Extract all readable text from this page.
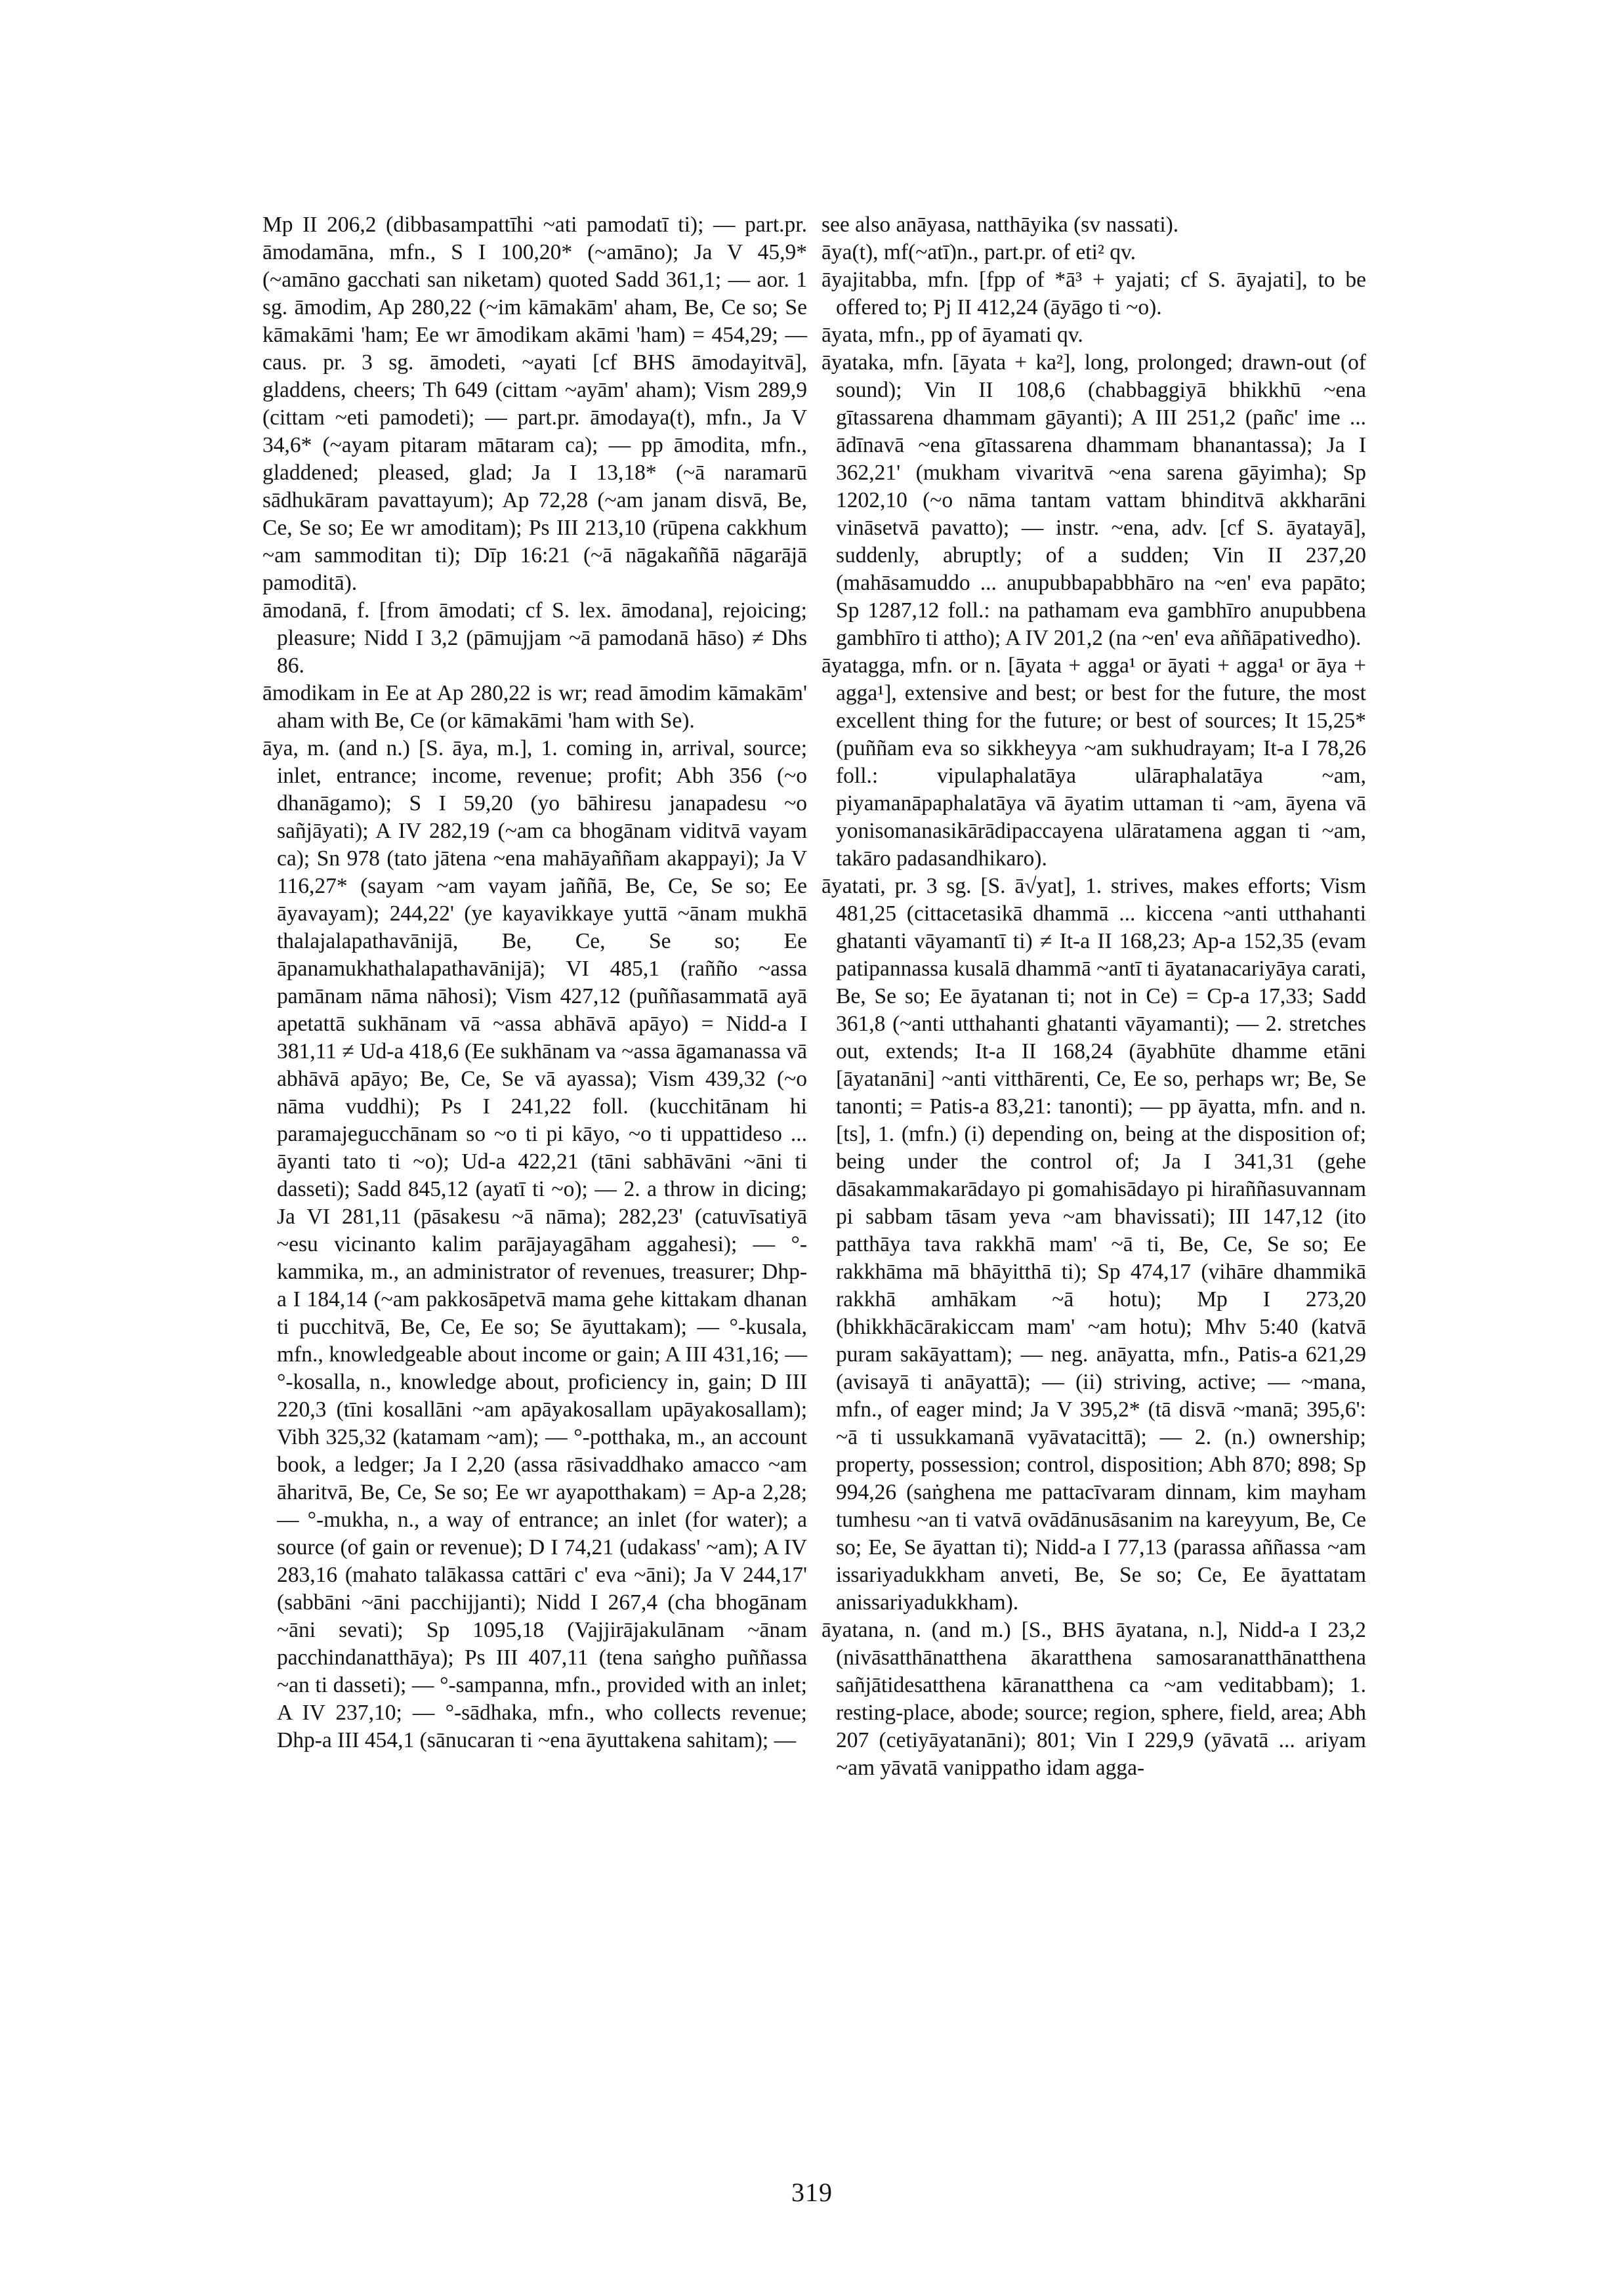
Mp II 206,2 (dibbasampattīhi ~ati pamodatī ti); — part.pr. āmodamāna, mfn., S I 100,20* (~amāno); Ja V 45,9* (~amāno gacchati san niketam) quoted Sadd 361,1; — aor. 1 sg. āmodim, Ap 280,22 (~im kāmakām' aham, Be, Ce so; Se kāmakāmi 'ham; Ee wr āmodikam akāmi 'ham) = 454,29; — caus. pr. 3 sg. āmodeti, ~ayati [cf BHS āmodayitvā], gladdens, cheers; Th 649 (cittam ~ayām' aham); Vism 289,9 (cittam ~eti pamodeti); — part.pr. āmodaya(t), mfn., Ja V 34,6* (~ayam pitaram mātaram ca); — pp āmodita, mfn., gladdened; pleased, glad; Ja I 13,18* (~ā naramarū sādhukāram pavattayum); Ap 72,28 (~am janam disvā, Be, Ce, Se so; Ee wr amoditam); Ps III 213,10 (rūpena cakkhum ~am sammoditan ti); Dīp 16:21 (~ā nāgakaññā nāgarājā pamoditā).

āmodanā, f. [from āmodati; cf S. lex. āmodana], rejoicing; pleasure; Nidd I 3,2 (pāmujjam ~ā pamodanā hāso) ≠ Dhs 86.

āmodikam in Ee at Ap 280,22 is wr; read āmodim kāmakām' aham with Be, Ce (or kāmakāmi 'ham with Se).

āya, m. (and n.) [S. āya, m.], 1. coming in, arrival, source; inlet, entrance; income, revenue; profit; Abh 356 (~o dhanāgamo); S I 59,20 (yo bāhiresu janapadesu ~o sañjāyati); A IV 282,19 (~am ca bhogānam viditvā vayam ca); Sn 978 (tato jātena ~ena mahāyaññam akappayi); Ja V 116,27* (sayam ~am vayam jaññā, Be, Ce, Se so; Ee āyavayam); 244,22' (ye kayavikkaye yuttā ~ānam mukhā thalajalapathavānijā, Be, Ce, Se so; Ee āpanamukhathalapathavānijā); VI 485,1 (rañño ~assa pamānam nāma nāhosi); Vism 427,12 (puññasammatā ayā apetattā sukhānam vā ~assa abhāvā apāyo) = Nidd-a I 381,11 ≠ Ud-a 418,6 (Ee sukhānam va ~assa āgamanassa vā abhāvā apāyo; Be, Ce, Se vā ayassa); Vism 439,32 (~o nāma vuddhi); Ps I 241,22 foll. (kucchitānam hi paramajegucchānam so ~o ti pi kāyo, ~o ti uppattideso ... āyanti tato ti ~o); Ud-a 422,21 (tāni sabhāvāni ~āni ti dasseti); Sadd 845,12 (ayatī ti ~o); — 2. a throw in dicing; Ja VI 281,11 (pāsakesu ~ā nāma); 282,23' (catuvīsatiyā ~esu vicinanto kalim parājayagāham aggahesi); — °-kammika, m., an administrator of revenues, treasurer; Dhp-a I 184,14 (~am pakkosāpetvā mama gehe kittakam dhanan ti pucchitvā, Be, Ce, Ee so; Se āyuttakam); — °-kusala, mfn., knowledgeable about income or gain; A III 431,16; — °-kosalla, n., knowledge about, proficiency in, gain; D III 220,3 (tīni kosallāni ~am apāyakosallam upāyakosallam); Vibh 325,32 (katamam ~am); — °-potthaka, m., an account book, a ledger; Ja I 2,20 (assa rāsivaddhako amacco ~am āharitvā, Be, Ce, Se so; Ee wr ayapotthakam) = Ap-a 2,28; — °-mukha, n., a way of entrance; an inlet (for water); a source (of gain or revenue); D I 74,21 (udakass' ~am); A IV 283,16 (mahato talākassa cattāri c' eva ~āni); Ja V 244,17' (sabbāni ~āni pacchijjanti); Nidd I 267,4 (cha bhogānam ~āni sevati); Sp 1095,18 (Vajjirājakulānam ~ānam pacchindanatthāya); Ps III 407,11 (tena saṅgho puññassa ~an ti dasseti); — °-sampanna, mfn., provided with an inlet; A IV 237,10; — °-sādhaka, mfn., who collects revenue; Dhp-a III 454,1 (sānucaran ti ~ena āyuttakena sahitam); —

see also anāyasa, natthāyika (sv nassati).

āya(t), mf(~atī)n., part.pr. of eti² qv.

āyajitabba, mfn. [fpp of *ā³ + yajati; cf S. āyajati], to be offered to; Pj II 412,24 (āyāgo ti ~o).

āyata, mfn., pp of āyamati qv.

āyataka, mfn. [āyata + ka²], long, prolonged; drawn-out (of sound); Vin II 108,6 (chabbaggiyā bhikkhū ~ena gītassarena dhammam gāyanti); A III 251,2 (pañc' ime ... ādīnavā ~ena gītassarena dhammam bhanantassa); Ja I 362,21' (mukham vivaritvā ~ena sarena gāyimha); Sp 1202,10 (~o nāma tantam vattam bhinditvā akkharāni vināsetvā pavatto); — instr. ~ena, adv. [cf S. āyatayā], suddenly, abruptly; of a sudden; Vin II 237,20 (mahāsamuddo ... anupubbapabbhāro na ~en' eva papāto; Sp 1287,12 foll.: na pathamam eva gambhīro anupubbena gambhīro ti attho); A IV 201,2 (na ~en' eva aññāpativedho).

āyatagga, mfn. or n. [āyata + agga¹ or āyati + agga¹ or āya + agga¹], extensive and best; or best for the future, the most excellent thing for the future; or best of sources; It 15,25* (puññam eva so sikkheyya ~am sukhudrayam; It-a I 78,26 foll.: vipulaphalatāya ulāraphalatāya ~am, piyamanāpaphalatāya vā āyatim uttaman ti ~am, āyena vā yonisomanasikārādipaccayena ulāratamena aggan ti ~am, takāro padasandhikaro).

āyatati, pr. 3 sg. [S. ā√yat], 1. strives, makes efforts; Vism 481,25 (cittacetasikā dhammā ... kiccena ~anti utthahanti ghatanti vāyamantī ti) ≠ It-a II 168,23; Ap-a 152,35 (evam patipannassa kusalā dhammā ~antī ti āyatanacariyāya carati, Be, Se so; Ee āyatanan ti; not in Ce) = Cp-a 17,33; Sadd 361,8 (~anti utthahanti ghatanti vāyamanti); — 2. stretches out, extends; It-a II 168,24 (āyabhūte dhamme etāni [āyatanāni] ~anti vitthārenti, Ce, Ee so, perhaps wr; Be, Se tanonti; = Patis-a 83,21: tanonti); — pp āyatta, mfn. and n. [ts], 1. (mfn.) (i) depending on, being at the disposition of; being under the control of; Ja I 341,31 (gehe dāsakammakarādayo pi gomahisādayo pi hiraññasuvannam pi sabbam tāsam yeva ~am bhavissati); III 147,12 (ito patthāya tava rakkhā mam' ~ā ti, Be, Ce, Se so; Ee rakkhāma mā bhāyitthā ti); Sp 474,17 (vihāre dhammikā rakkhā amhākam ~ā hotu); Mp I 273,20 (bhikkhācārakiccam mam' ~am hotu); Mhv 5:40 (katvā puram sakāyattam); — neg. anāyatta, mfn., Patis-a 621,29 (avisayā ti anāyattā); — (ii) striving, active; — ~mana, mfn., of eager mind; Ja V 395,2* (tā disvā ~manā; 395,6': ~ā ti ussukkamanā vyāvatacittā); — 2. (n.) ownership; property, possession; control, disposition; Abh 870; 898; Sp 994,26 (saṅghena me pattacīvaram dinnam, kim mayham tumhesu ~an ti vatvā ovādānusāsanim na kareyyum, Be, Ce so; Ee, Se āyattan ti); Nidd-a I 77,13 (parassa aññassa ~am issariyadukkham anveti, Be, Se so; Ce, Ee āyattatam anissariyadukkham).

āyatana, n. (and m.) [S., BHS āyatana, n.], Nidd-a I 23,2 (nivāsatthānatthena ākaratthena samosaranatthānatthena sañjātidesatthena kāranatthena ca ~am veditabbam); 1. resting-place, abode; source; region, sphere, field, area; Abh 207 (cetiyāyatanāni); 801; Vin I 229,9 (yāvatā ... ariyam ~am yāvatā vanippatho idam agga-

319
